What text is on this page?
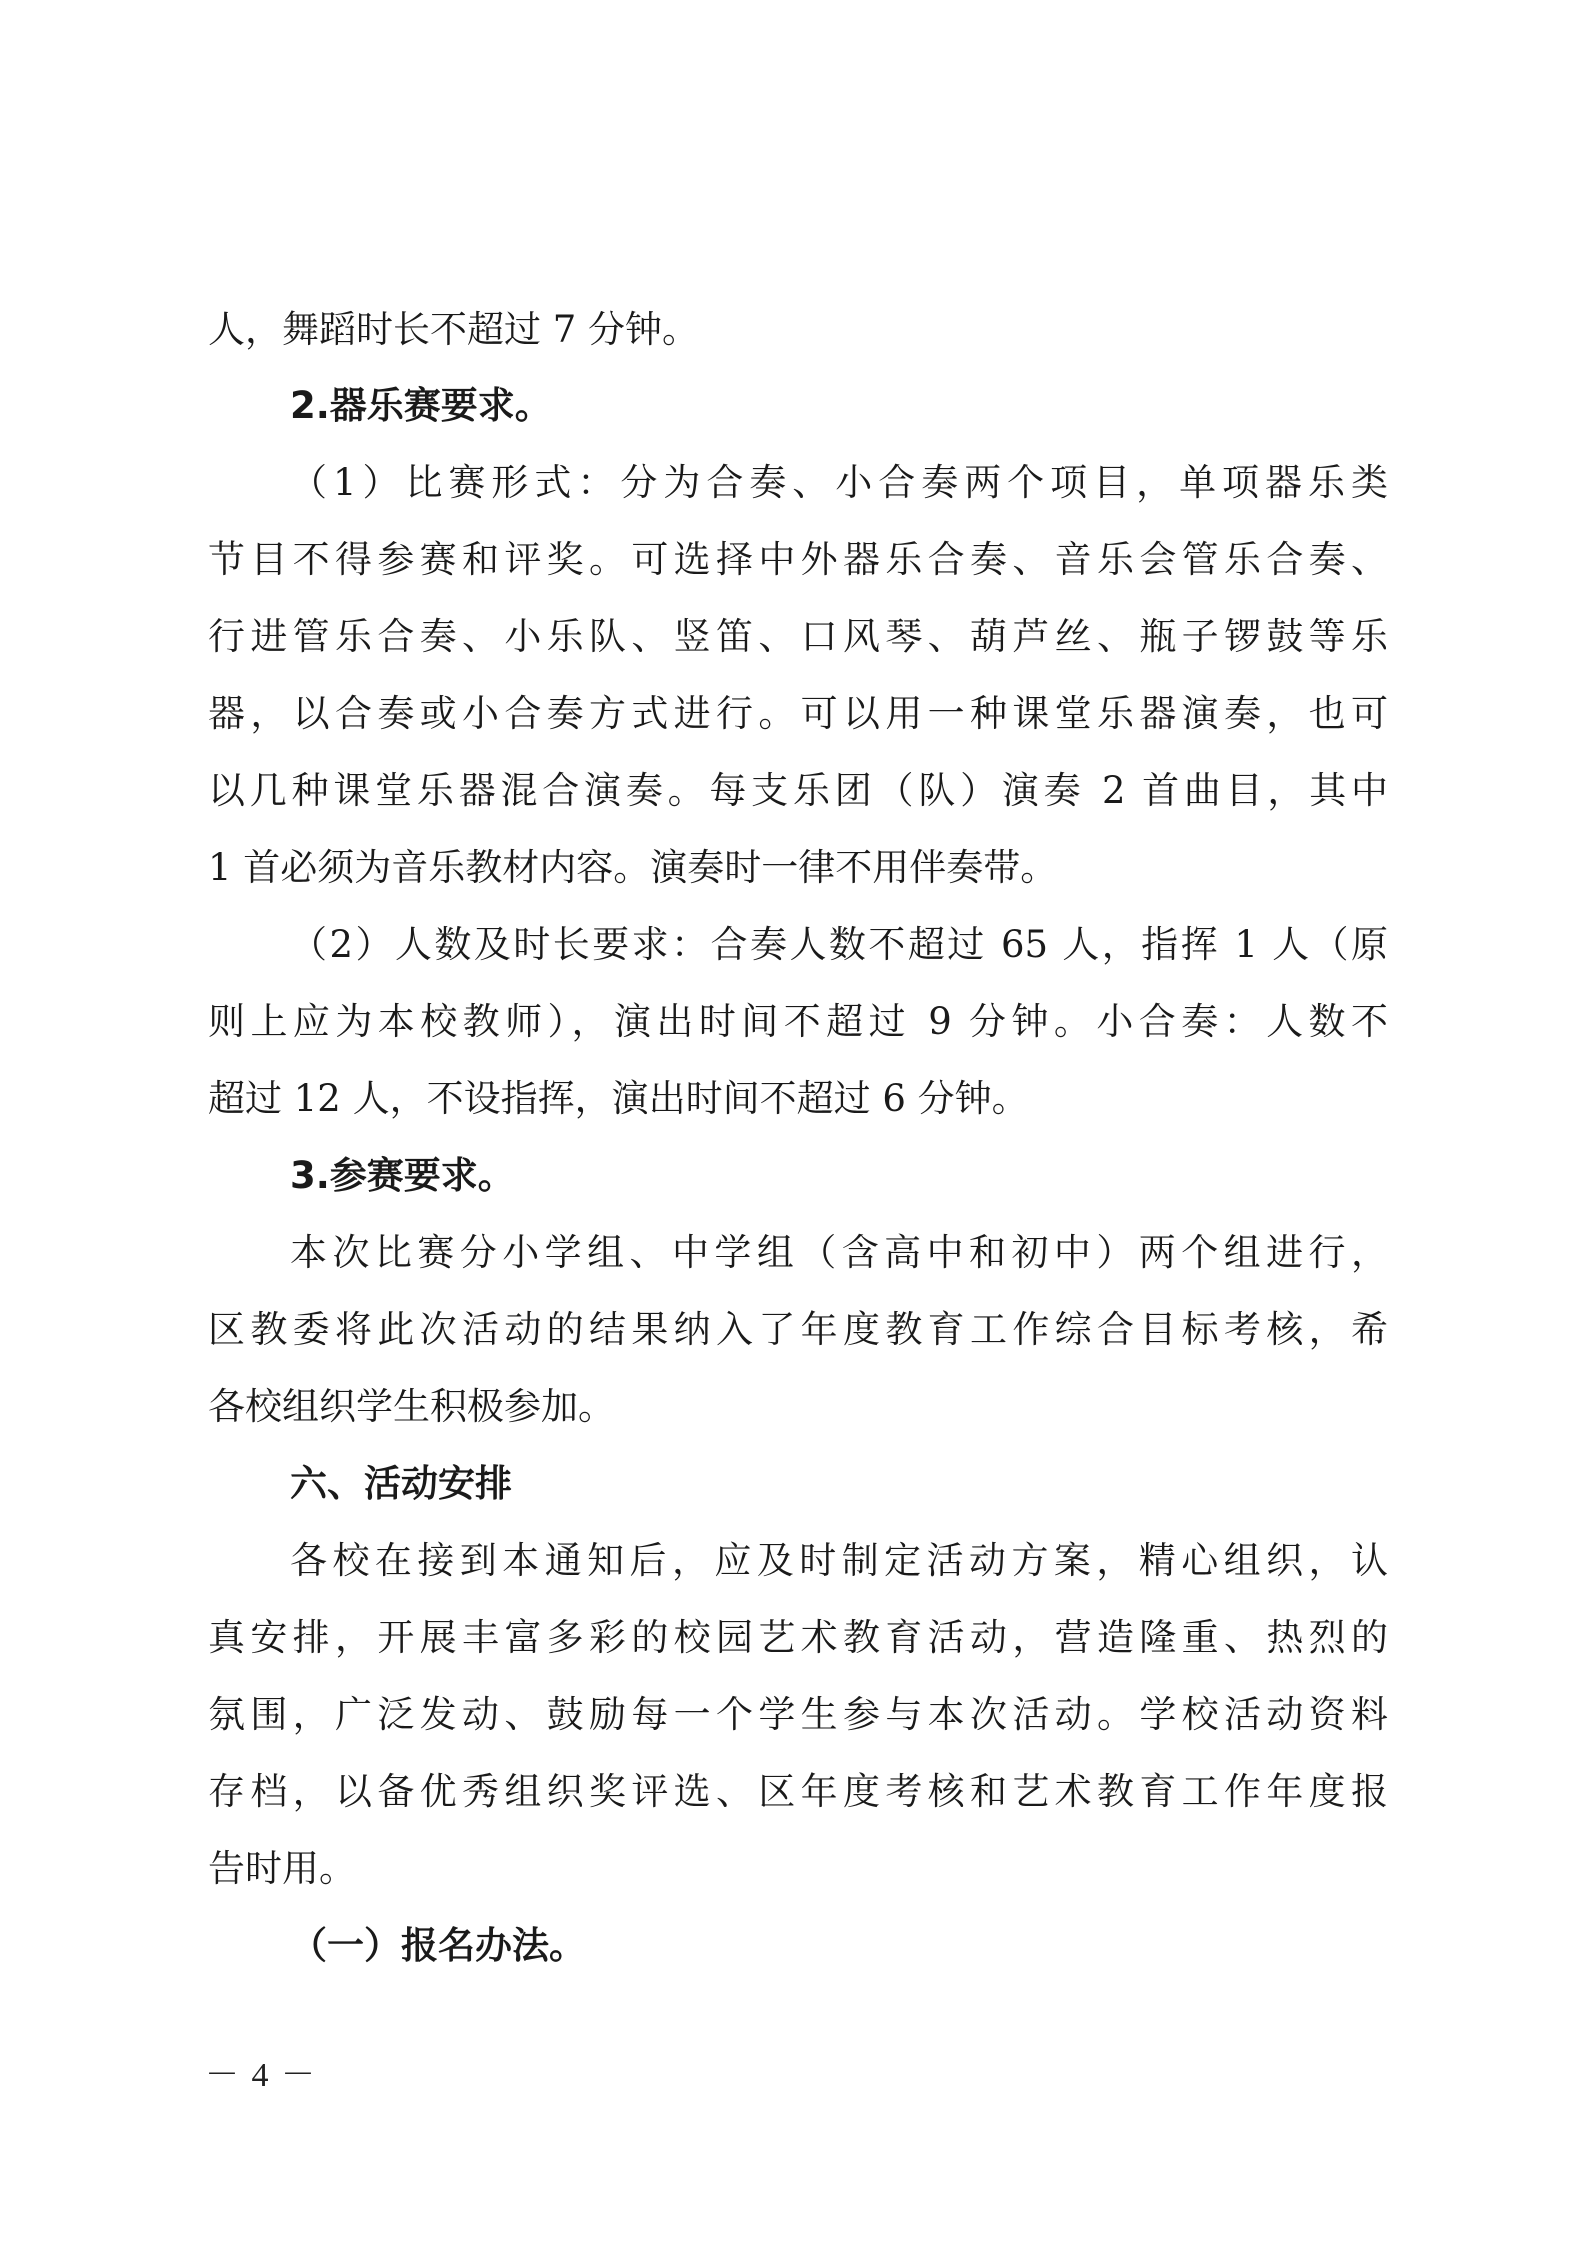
人，舞蹈时长不超过 7 分钟。
2.器乐赛要求。
（1）比赛形式：分为合奏、小合奏两个项目，单项器乐类
节目不得参赛和评奖。可选择中外器乐合奏、音乐会管乐合奏、
行进管乐合奏、小乐队、竖笛、口风琴、葫芦丝、瓶子锣鼓等乐
器，以合奏或小合奏方式进行。可以用一种课堂乐器演奏，也可
以几种课堂乐器混合演奏。每支乐团（队）演奏 2 首曲目，其中
1 首必须为音乐教材内容。演奏时一律不用伴奏带。
（2）人数及时长要求：合奏人数不超过 65 人，指挥 1 人（原
则上应为本校教师），演出时间不超过 9 分钟。小合奏：人数不
超过 12 人，不设指挥，演出时间不超过 6 分钟。
3.参赛要求。
本次比赛分小学组、中学组（含高中和初中）两个组进行，
区教委将此次活动的结果纳入了年度教育工作综合目标考核，希
各校组织学生积极参加。
六、活动安排
各校在接到本通知后，应及时制定活动方案，精心组织，认
真安排，开展丰富多彩的校园艺术教育活动，营造隆重、热烈的
氛围，广泛发动、鼓励每一个学生参与本次活动。学校活动资料
存档，以备优秀组织奖评选、区年度考核和艺术教育工作年度报
告时用。
（一）报名办法。
－ 4 －
